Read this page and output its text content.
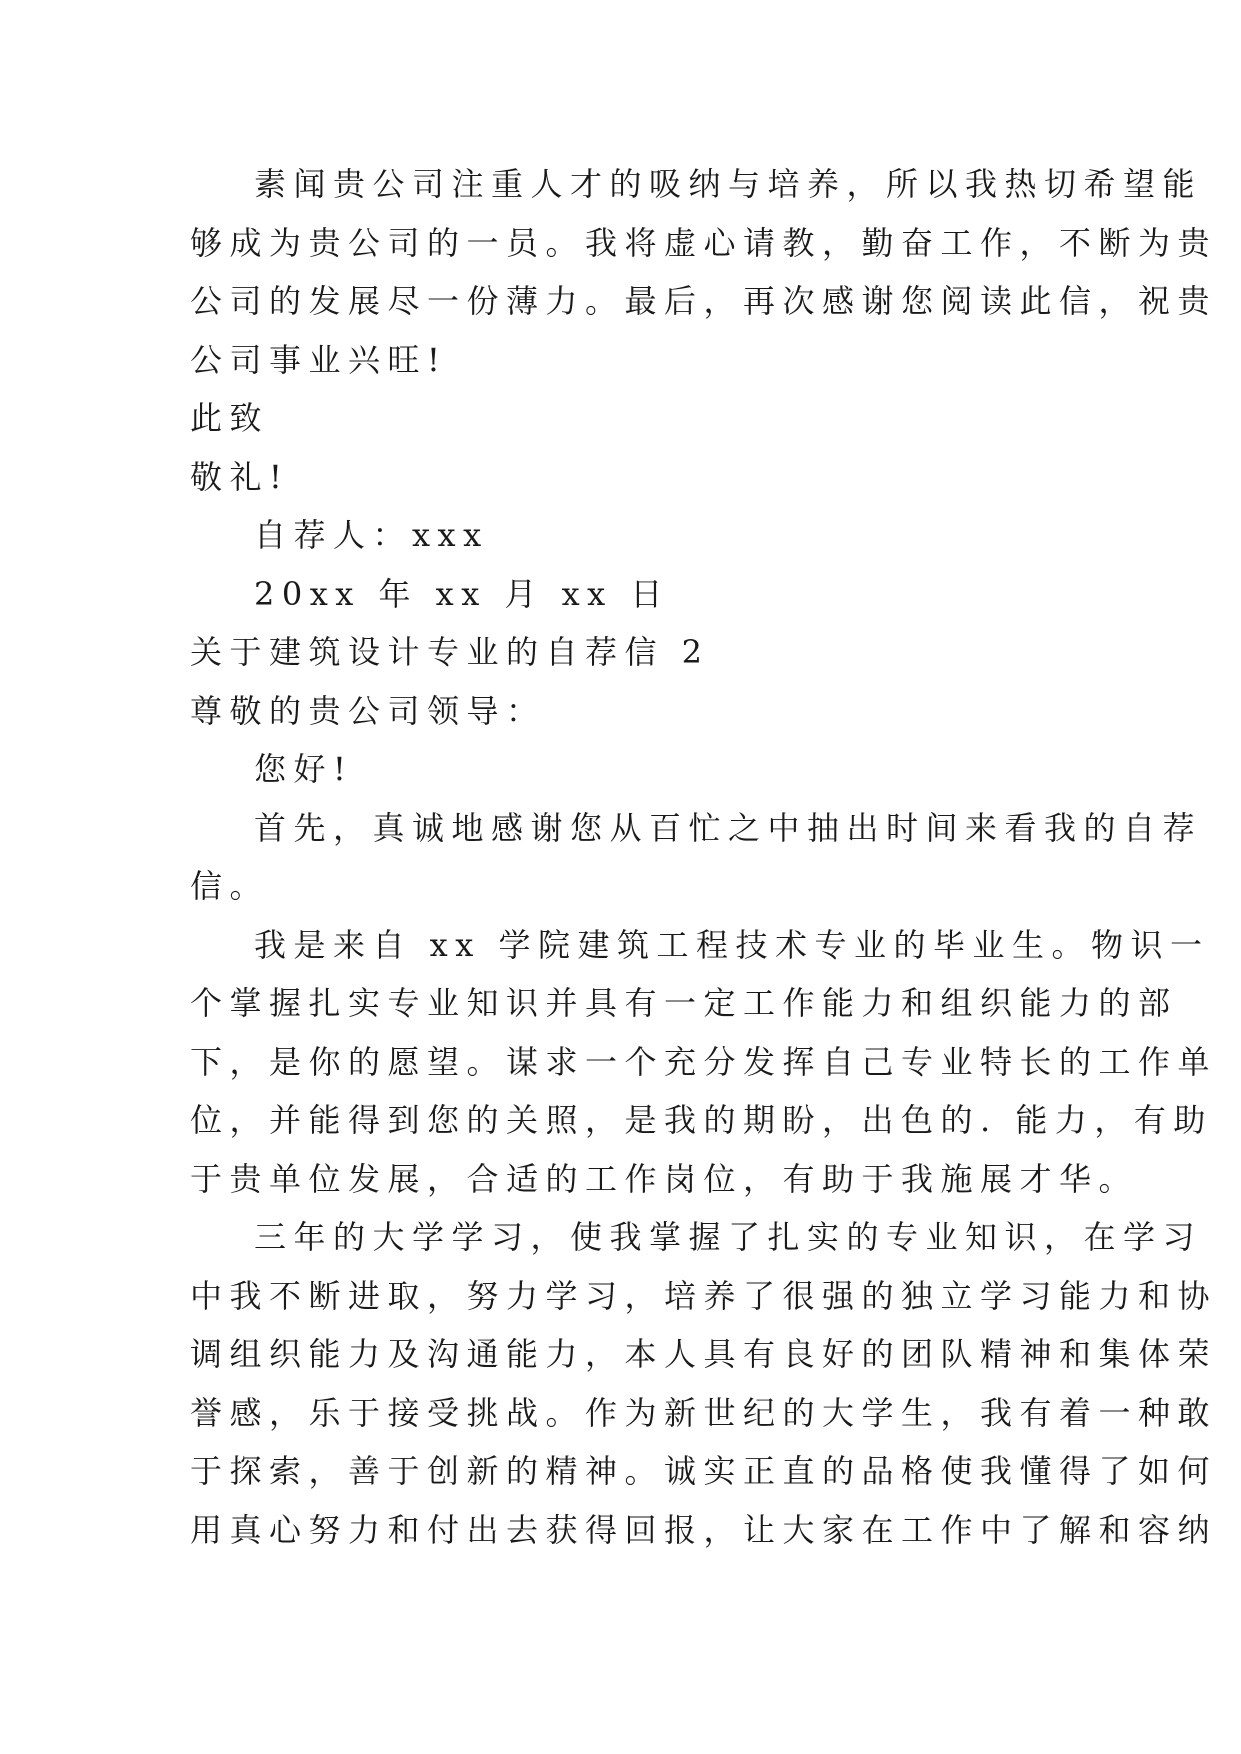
素闻贵公司注重人才的吸纳与培养，所以我热切希望能
够成为贵公司的一员。我将虚心请教，勤奋工作，不断为贵
公司的发展尽一份薄力。最后，再次感谢您阅读此信，祝贵
公司事业兴旺!
此致
敬礼!
自荐人：xxx
20xx 年 xx 月 xx 日
关于建筑设计专业的自荐信 2
尊敬的贵公司领导：
您好!
首先，真诚地感谢您从百忙之中抽出时间来看我的自荐
信。
我是来自 xx 学院建筑工程技术专业的毕业生。物识一
个掌握扎实专业知识并具有一定工作能力和组织能力的部
下，是你的愿望。谋求一个充分发挥自己专业特长的工作单
位，并能得到您的关照，是我的期盼，出色的. 能力，有助
于贵单位发展，合适的工作岗位，有助于我施展才华。
三年的大学学习，使我掌握了扎实的专业知识，在学习
中我不断进取，努力学习，培养了很强的独立学习能力和协
调组织能力及沟通能力，本人具有良好的团队精神和集体荣
誉感，乐于接受挑战。作为新世纪的大学生，我有着一种敢
于探索，善于创新的精神。诚实正直的品格使我懂得了如何
用真心努力和付出去获得回报，让大家在工作中了解和容纳
